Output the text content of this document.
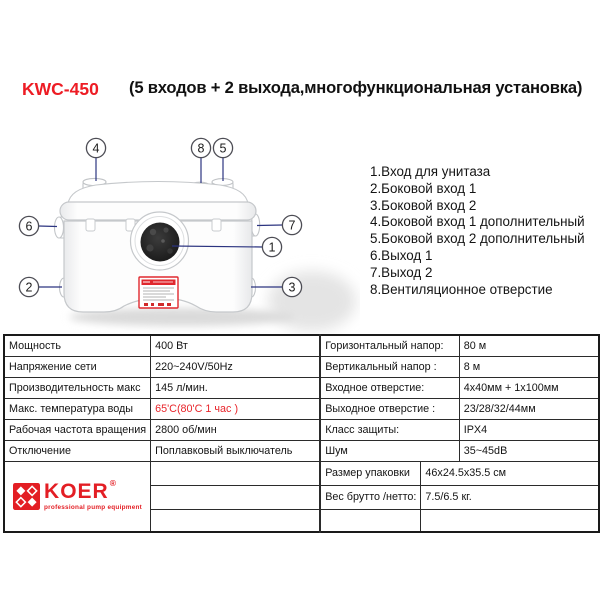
KWC-450 (5 входов + 2 выхода,многофункциональная установка)
4	8 5
6	7
1
2	3
1.Вход для унитаза
2.Боковой вход 1
3.Боковой вход 2
4.Боковой вход 1 дополнительный
5.Боковой вход 2 дополнительный
6.Выход 1
7.Выход 2
8.Вентиляционное отверстие
Мощность	400 Вт	Горизонтальный напор:		80 м
Напряжение сети	220~240V/50Hz	Вертикальный напор :		8 м
Производительность макс	145 л/мин.	Входное отверстие:		4x40мм + 1x100мм
Макс. температура воды	65'C(80'C 1 час )	Выходное отверстие :		23/28/32/44мм
Рабочая частота вращения	2800 об/мин	Класс защиты:		IPX4
Отключение	Поплавковый выключатель	Шум		35~45dB

KOER®
professional pump equipment		Размер упаковки	46x24.5x35.5 см	
		Вес брутто /нетто:	7.5/6.5 кг.	
